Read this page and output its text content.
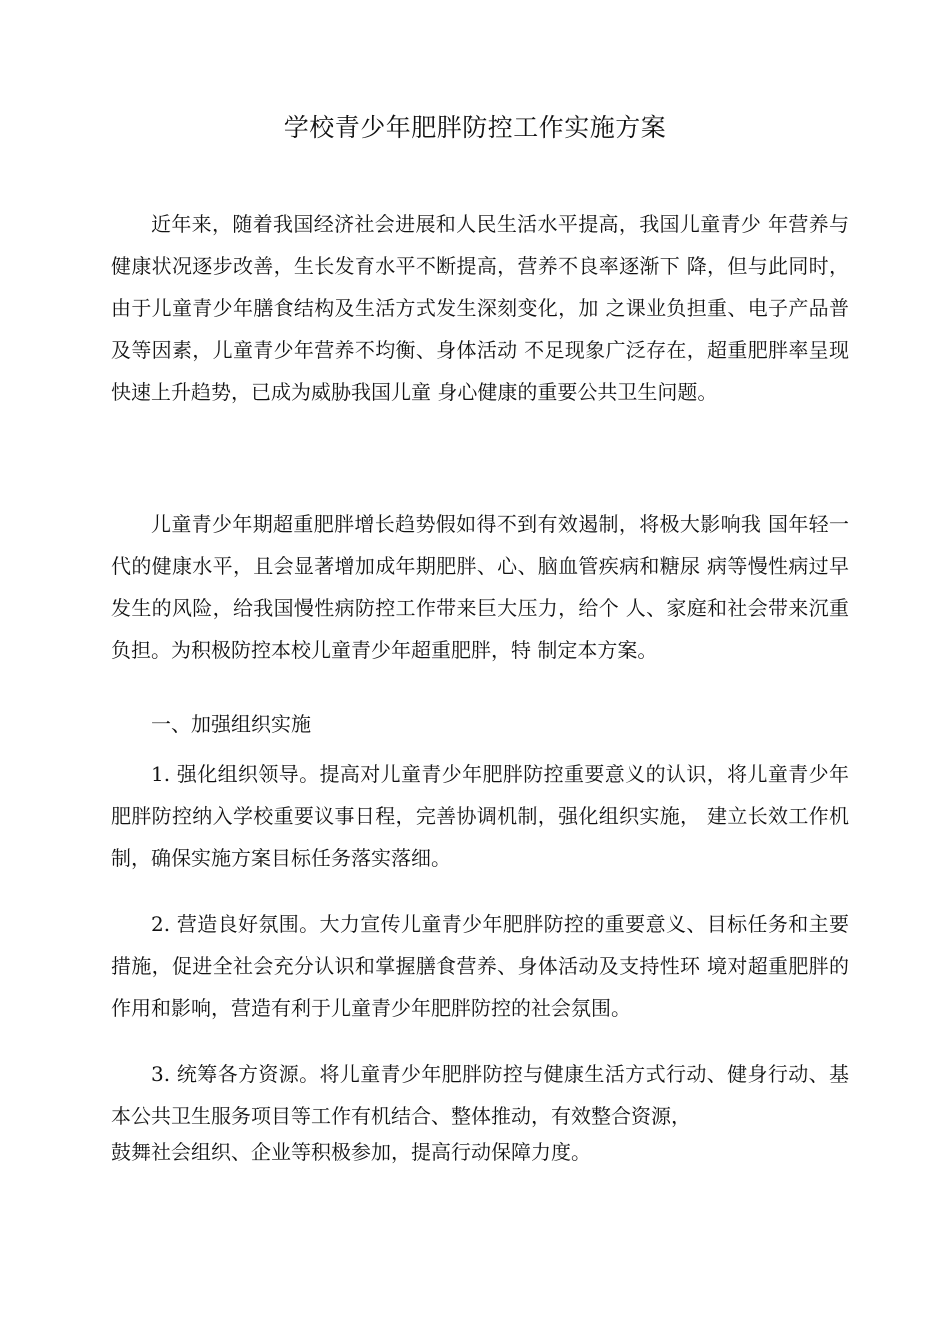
学校青少年肥胖防控工作实施方案

近年来，随着我国经济社会进展和人民生活水平提高，我国儿童青少 年营养与健康状况逐步改善，生长发育水平不断提高，营养不良率逐渐下 降，但与此同时，由于儿童青少年膳食结构及生活方式发生深刻变化，加 之课业负担重、电子产品普及等因素，儿童青少年营养不均衡、身体活动 不足现象广泛存在，超重肥胖率呈现快速上升趋势，已成为威胁我国儿童 身心健康的重要公共卫生问题。

儿童青少年期超重肥胖增长趋势假如得不到有效遏制，将极大影响我 国年轻一代的健康水平，且会显著增加成年期肥胖、心、脑血管疾病和糖尿 病等慢性病过早发生的风险，给我国慢性病防控工作带来巨大压力，给个 人、家庭和社会带来沉重负担。为积极防控本校儿童青少年超重肥胖，特 制定本方案。

一、加强组织实施

1. 强化组织领导。提高对儿童青少年肥胖防控重要意义的认识，将儿童青少年肥胖防控纳入学校重要议事日程，完善协调机制，强化组织实施， 建立长效工作机制，确保实施方案目标任务落实落细。

2. 营造良好氛围。大力宣传儿童青少年肥胖防控的重要意义、目标任务和主要措施，促进全社会充分认识和掌握膳食营养、身体活动及支持性环 境对超重肥胖的作用和影响，营造有利于儿童青少年肥胖防控的社会氛围。

3. 统筹各方资源。将儿童青少年肥胖防控与健康生活方式行动、健身行动、基本公共卫生服务项目等工作有机结合、整体推动，有效整合资源，
鼓舞社会组织、企业等积极参加，提高行动保障力度。
